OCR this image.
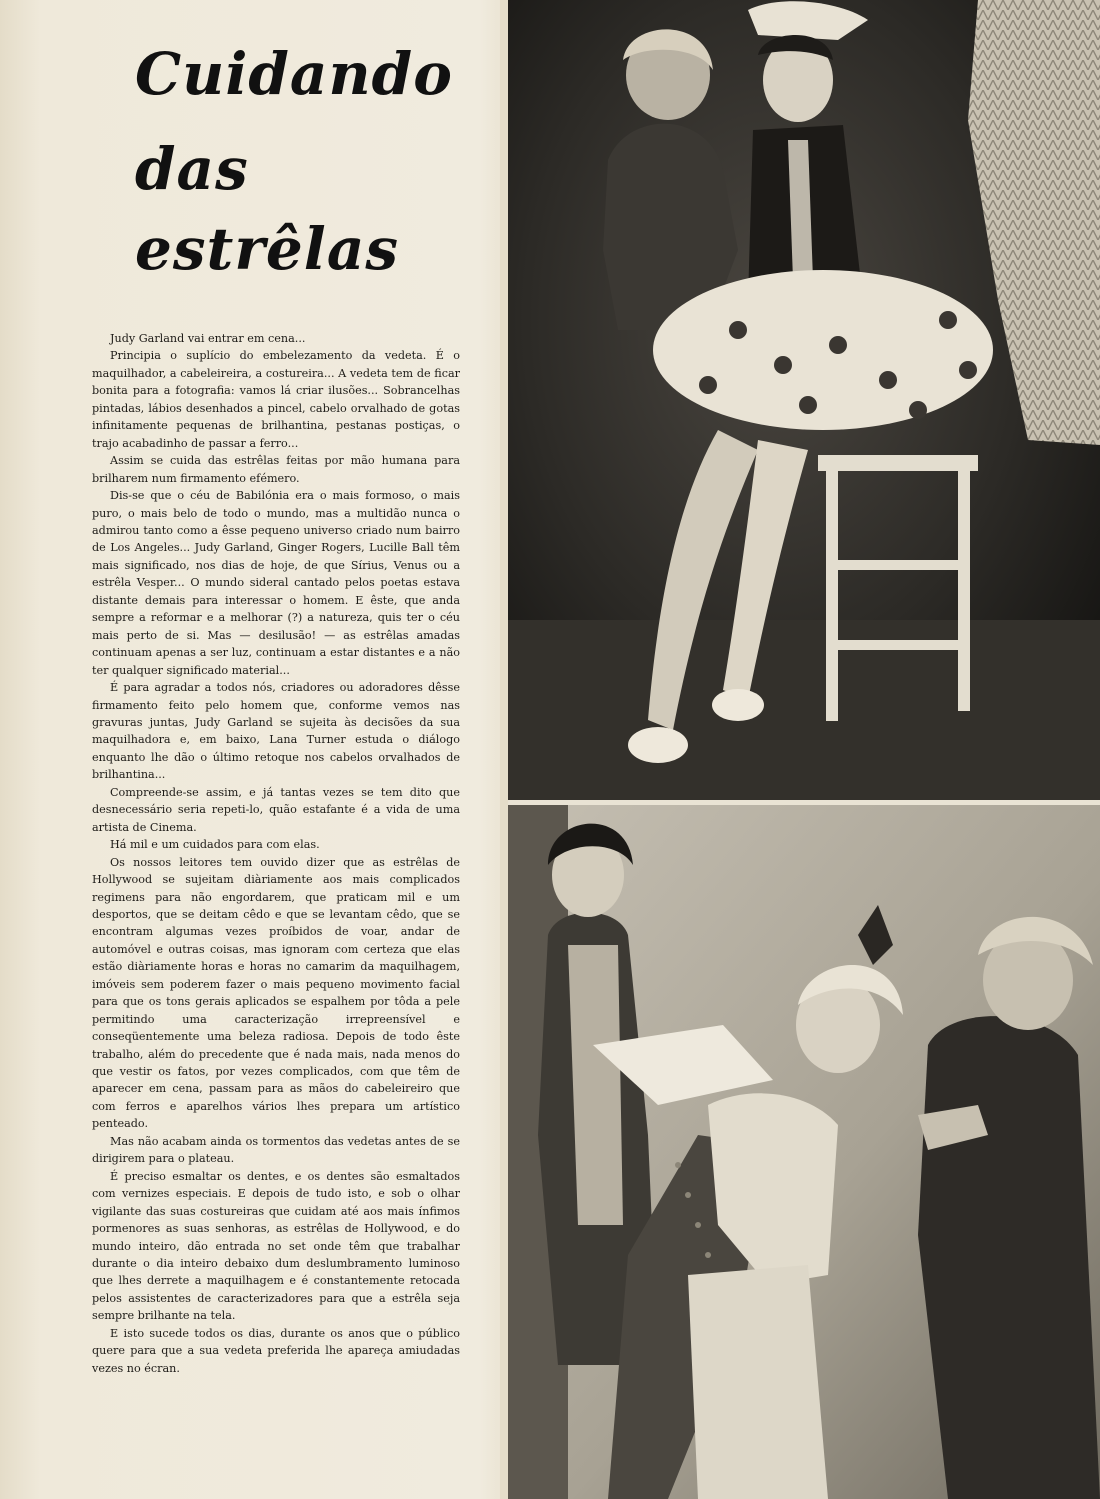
Cuidando
das
estrêlas

Judy Garland vai entrar em cena...

Principia o suplício do embelezamento da vedeta. É o maquilhador, a cabeleireira, a costureira... A vedeta tem de ficar bonita para a fotografia: vamos lá criar ilusões... Sobrancelhas pintadas, lábios desenhados a pincel, cabelo orvalhado de gotas infinitamente pequenas de brilhantina, pestanas postiças, o trajo acabadinho de passar a ferro...

Assim se cuida das estrêlas feitas por mão humana para brilharem num firmamento efémero.

Dis-se que o céu de Babilónia era o mais formoso, o mais puro, o mais belo de todo o mundo, mas a multidão nunca o admirou tanto como a êsse pequeno universo criado num bairro de Los Angeles... Judy Garland, Ginger Rogers, Lucille Ball têm mais significado, nos dias de hoje, de que Sírius, Venus ou a estrêla Vesper... O mundo sideral cantado pelos poetas estava distante demais para interessar o homem. E êste, que anda sempre a reformar e a melhorar (?) a natureza, quis ter o céu mais perto de si. Mas — desilusão! — as estrêlas amadas continuam apenas a ser luz, continuam a estar distantes e a não ter qualquer significado material...

É para agradar a todos nós, criadores ou adoradores dêsse firmamento feito pelo homem que, conforme vemos nas gravuras juntas, Judy Garland se sujeita às decisões da sua maquilhadora e, em baixo, Lana Turner estuda o diálogo enquanto lhe dão o último retoque nos cabelos orvalhados de brilhantina...

Compreende-se assim, e já tantas vezes se tem dito que desnecessário seria repeti-lo, quão estafante é a vida de uma artista de Cinema.

Há mil e um cuidados para com elas.

Os nossos leitores tem ouvido dizer que as estrêlas de Hollywood se sujeitam diàriamente aos mais complicados regimens para não engordarem, que praticam mil e um desportos, que se deitam cêdo e que se levantam cêdo, que se encontram algumas vezes proíbidos de voar, andar de automóvel e outras coisas, mas ignoram com certeza que elas estão diàriamente horas e horas no camarim da maquilhagem, imóveis sem poderem fazer o mais pequeno movimento facial para que os tons gerais aplicados se espalhem por tôda a pele permitindo uma caracterização irrepreensível e conseqüentemente uma beleza radiosa. Depois de todo êste trabalho, além do precedente que é nada mais, nada menos do que vestir os fatos, por vezes complicados, com que têm de aparecer em cena, passam para as mãos do cabeleireiro que com ferros e aparelhos vários lhes prepara um artístico penteado.

Mas não acabam ainda os tormentos das vedetas antes de se dirigirem para o plateau.

É preciso esmaltar os dentes, e os dentes são esmaltados com vernizes especiais. E depois de tudo isto, e sob o olhar vigilante das suas costureiras que cuidam até aos mais ínfimos pormenores as suas senhoras, as estrêlas de Hollywood, e do mundo inteiro, dão entrada no set onde têm que trabalhar durante o dia inteiro debaixo dum deslumbramento luminoso que lhes derrete a maquilhagem e é constantemente retocada pelos assistentes de caracterizadores para que a estrêla seja sempre brilhante na tela.

E isto sucede todos os dias, durante os anos que o público quere para que a sua vedeta preferida lhe apareça amiudadas vezes no écran.
